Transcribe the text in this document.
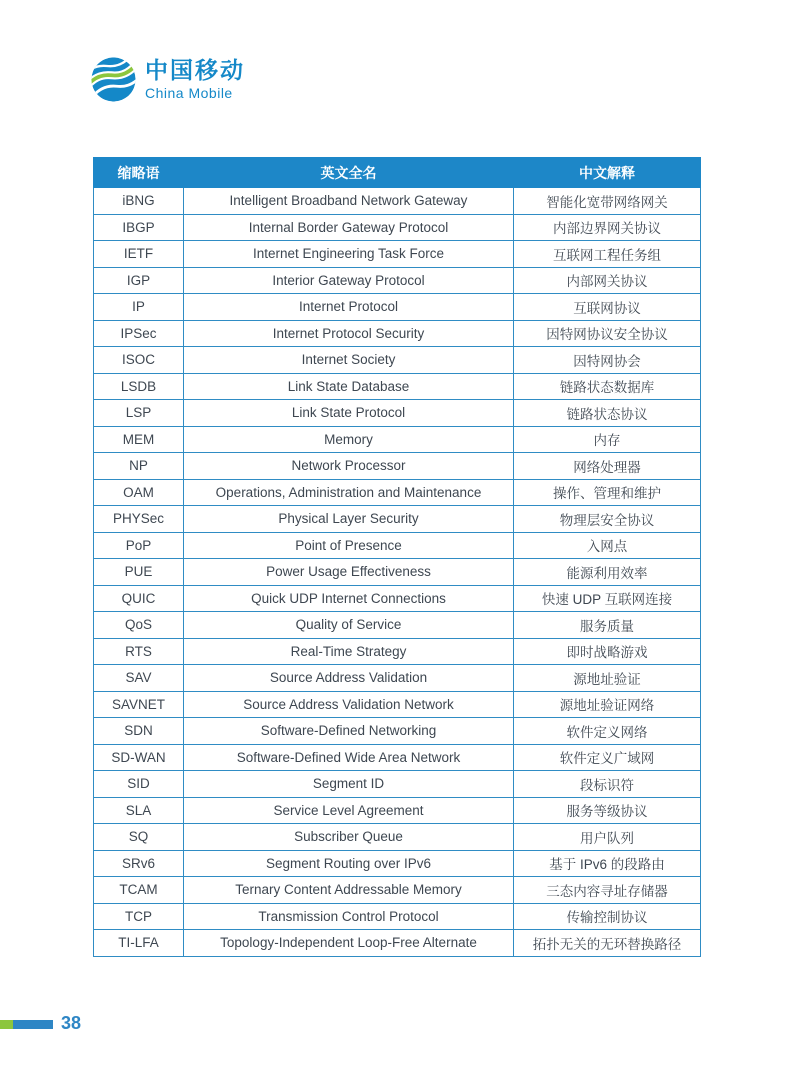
中国移动
China Mobile
缩略语	英文全名	中文解释
iBNG	Intelligent Broadband Network Gateway	智能化宽带网络网关
IBGP	Internal Border Gateway Protocol	内部边界网关协议
IETF	Internet Engineering Task Force	互联网工程任务组
IGP	Interior Gateway Protocol	内部网关协议
IP	Internet Protocol	互联网协议
IPSec	Internet Protocol Security	因特网协议安全协议
ISOC	Internet Society	因特网协会
LSDB	Link State Database	链路状态数据库
LSP	Link State Protocol	链路状态协议
MEM	Memory	内存
NP	Network Processor	网络处理器
OAM	Operations, Administration and Maintenance	操作、管理和维护
PHYSec	Physical Layer Security	物理层安全协议
PoP	Point of Presence	入网点
PUE	Power Usage Effectiveness	能源利用效率
QUIC	Quick UDP Internet Connections	快速 UDP 互联网连接
QoS	Quality of Service	服务质量
RTS	Real-Time Strategy	即时战略游戏
SAV	Source Address Validation	源地址验证
SAVNET	Source Address Validation Network	源地址验证网络
SDN	Software-Defined Networking	软件定义网络
SD-WAN	Software-Defined Wide Area Network	软件定义广域网
SID	Segment ID	段标识符
SLA	Service Level Agreement	服务等级协议
SQ	Subscriber Queue	用户队列
SRv6	Segment Routing over IPv6	基于 IPv6 的段路由
TCAM	Ternary Content Addressable Memory	三态内容寻址存储器
TCP	Transmission Control Protocol	传输控制协议
TI-LFA	Topology-Independent Loop-Free Alternate	拓扑无关的无环替换路径
38
